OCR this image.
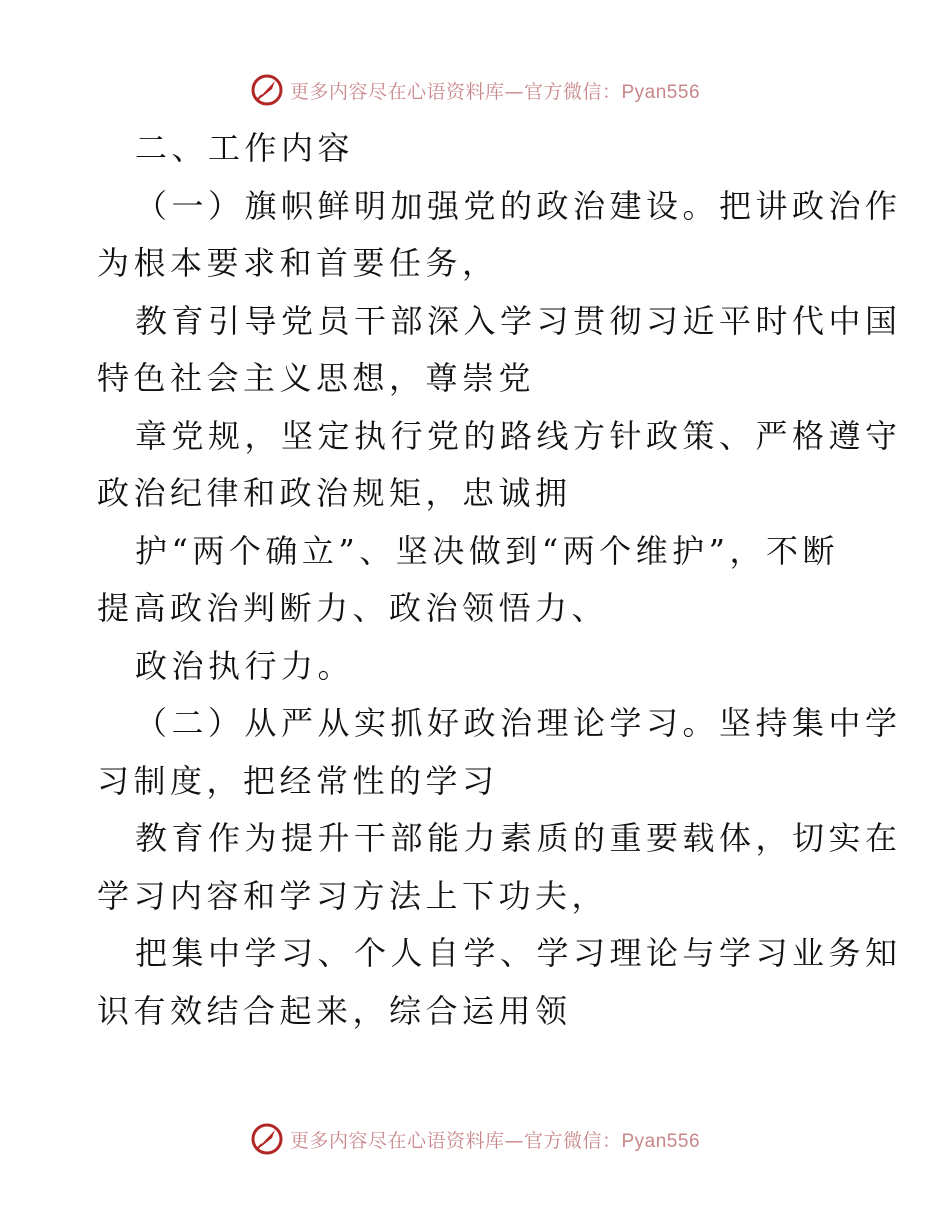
更多内容尽在心语资料库—官方微信：Pyan556

二、工作内容

（一）旗帜鲜明加强党的政治建设。把讲政治作

为根本要求和首要任务，

教育引导党员干部深入学习贯彻习近平时代中国

特色社会主义思想，尊崇党

章党规，坚定执行党的路线方针政策、严格遵守

政治纪律和政治规矩，忠诚拥

护“两个确立”、坚决做到“两个维护”，不断

提高政治判断力、政治领悟力、

政治执行力。

（二）从严从实抓好政治理论学习。坚持集中学

习制度，把经常性的学习

教育作为提升干部能力素质的重要载体，切实在

学习内容和学习方法上下功夫，

把集中学习、个人自学、学习理论与学习业务知

识有效结合起来，综合运用领

更多内容尽在心语资料库—官方微信：Pyan556
